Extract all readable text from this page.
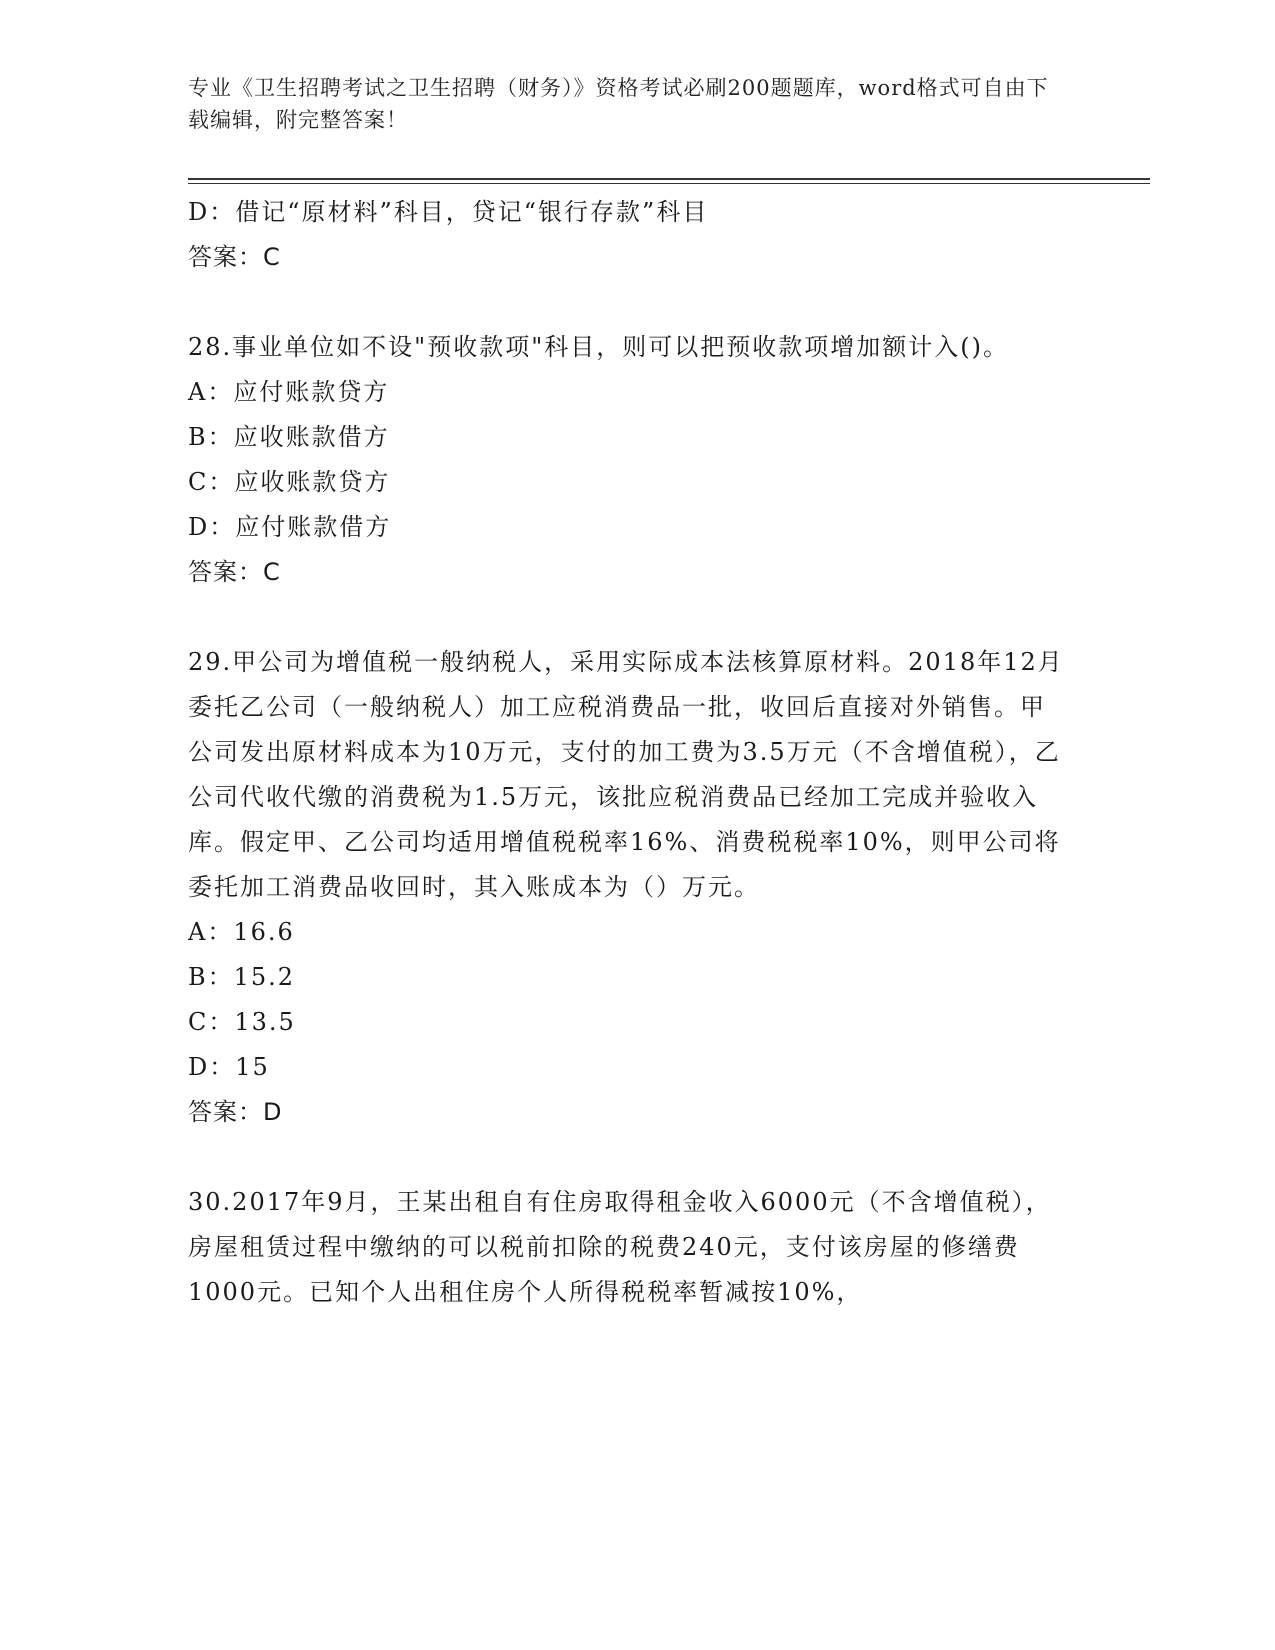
专业《卫生招聘考试之卫生招聘（财务）》资格考试必刷200题题库，word格式可自由下载编辑，附完整答案！

D：借记“原材料”科目，贷记“银行存款”科目
答案：C

28.事业单位如不设"预收款项"科目，则可以把预收款项增加额计入()。

A：应付账款贷方
B：应收账款借方
C：应收账款贷方
D：应付账款借方
答案：C

29.甲公司为增值税一般纳税人，采用实际成本法核算原材料。2018年12月委托乙公司（一般纳税人）加工应税消费品一批，收回后直接对外销售。甲公司发出原材料成本为10万元，支付的加工费为3.5万元（不含增值税），乙公司代收代缴的消费税为1.5万元，该批应税消费品已经加工完成并验收入库。假定甲、乙公司均适用增值税税率16%、消费税税率10%，则甲公司将委托加工消费品收回时，其入账成本为（）万元。

A：16.6
B：15.2
C：13.5
D：15
答案：D

30.2017年9月，王某出租自有住房取得租金收入6000元（不含增值税），房屋租赁过程中缴纳的可以税前扣除的税费240元，支付该房屋的修缮费1000元。已知个人出租住房个人所得税税率暂减按10%，
